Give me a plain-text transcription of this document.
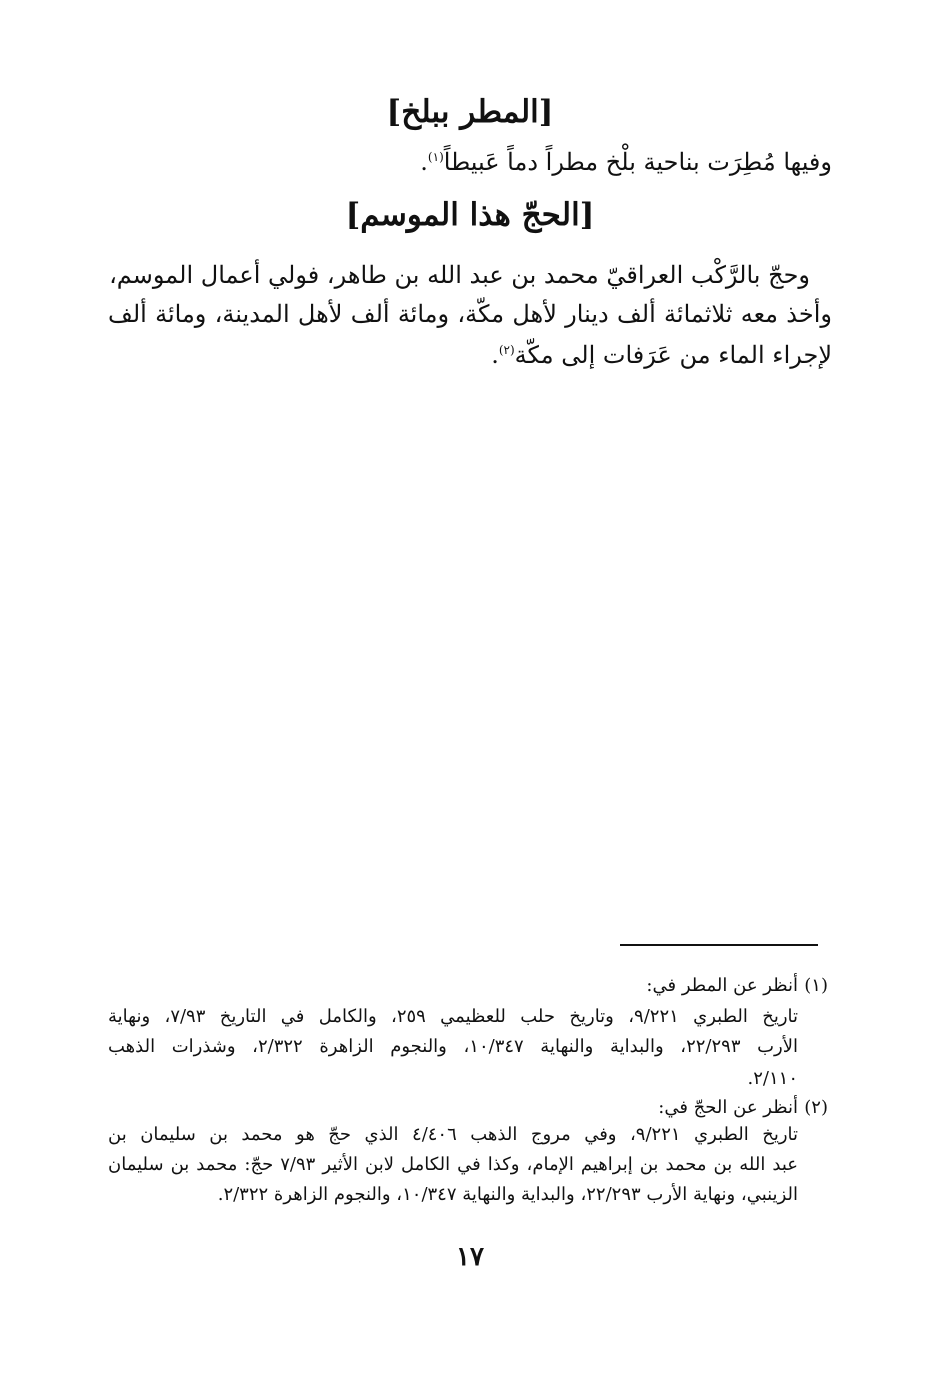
[المطر ببلخ]
وفيها مُطِرَت بناحية بلْخ مطراً دماً عَبيطاً$^{(١)}$.
[الحجّ هذا الموسم]
وحجّ بالرَّكْب العراقيّ محمد بن عبد الله بن طاهر، فولي أعمال الموسم،
وأخذ معه ثلاثمائة ألف دينار لأهل مكّة، ومائة ألف لأهل المدينة، ومائة ألف
لإجراء الماء من عَرَفات إلى مكّة$^{(٢)}$.
(١)
أنظر عن المطر في:
تاريخ الطبري ٩/٢٢١، وتاريخ حلب للعظيمي ٢٥٩، والكامل في التاريخ ٧/٩٣، ونهاية
الأرب ٢٢/٢٩٣، والبداية والنهاية ١٠/٣٤٧، والنجوم الزاهرة ٢/٣٢٢، وشذرات الذهب
٢/١١٠.
(٢)
أنظر عن الحجّ في:
تاريخ الطبري ٩/٢٢١، وفي مروج الذهب ٤/٤٠٦ الذي حجّ هو محمد بن سليمان بن
عبد الله بن محمد بن إبراهيم الإمام، وكذا في الكامل لابن الأثير ٧/٩٣ حجّ: محمد بن سليمان
الزينبي، ونهاية الأرب ٢٢/٢٩٣، والبداية والنهاية ١٠/٣٤٧، والنجوم الزاهرة ٢/٣٢٢.
١٧
